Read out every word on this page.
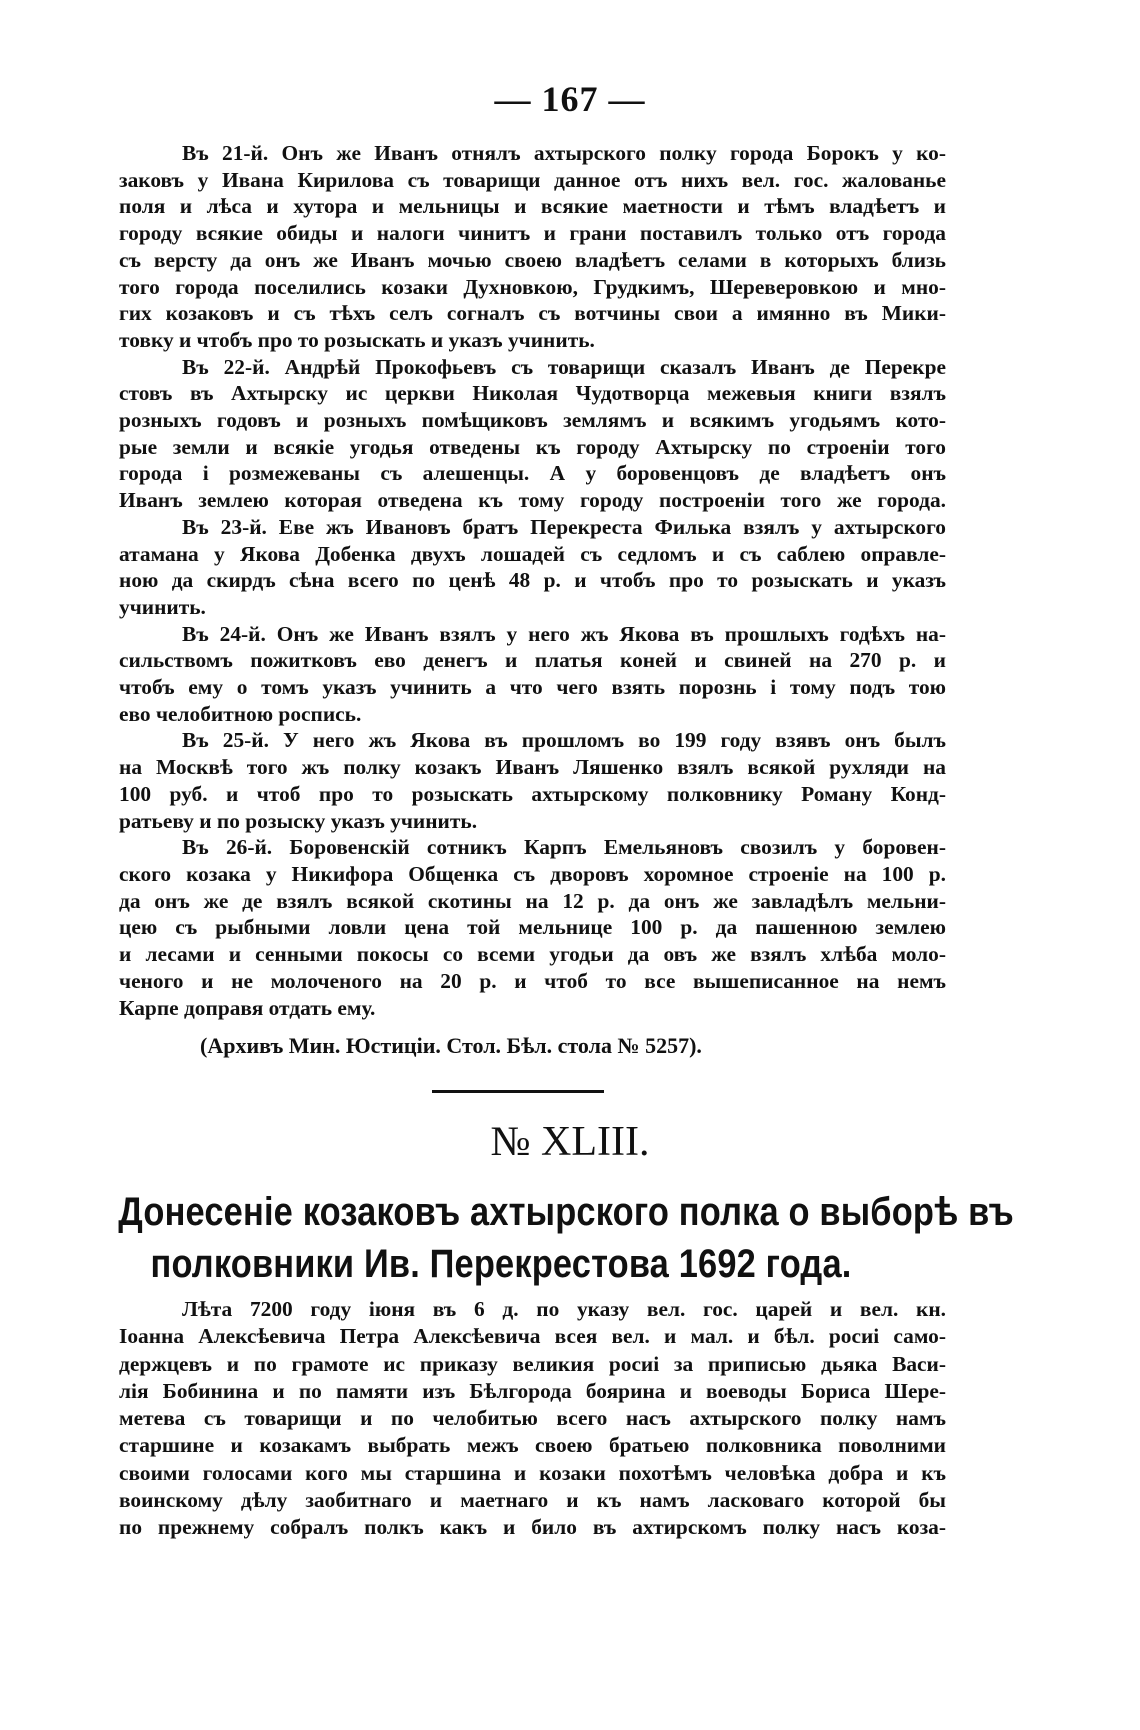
— 167 —
Въ 21-й. Онъ же Иванъ отнялъ ахтырского полку города Борокъ у ко-
заковъ у Ивана Кирилова съ товарищи данное отъ нихъ вел. гос. жалованье
поля и лѣса и хутора и мельницы и всякие маетности и тѣмъ владѣетъ и
городу всякие обиды и налоги чинитъ и грани поставилъ только отъ города
съ версту да онъ же Иванъ мочью своею владѣетъ селами в которыхъ близь
того города поселились козаки Духновкою, Грудкимъ, Шереверовкою и мно-
гих козаковъ и съ тѣхъ селъ согналъ съ вотчины свои а имянно въ Мики-
товку и чтобъ про то розыскать и указъ учинить.
Въ 22-й. Андрѣй Прокофьевъ съ товарищи сказалъ Иванъ де Перекре
стовъ въ Ахтырску ис церкви Николая Чудотворца межевыя книги взялъ
розныхъ годовъ и розныхъ помѣщиковъ землямъ и всякимъ угодьямъ кото-
рые земли и всякiе угодья отведены къ городу Ахтырску по строенiи того
города i розмежеваны съ алешенцы. А у боровенцовъ де владѣетъ онъ
Иванъ землею которая отведена къ тому городу построенiи того же города.
Въ 23-й. Еве жъ Ивановъ братъ Перекреста Филька взялъ у ахтырского
атамана у Якова Добенка двухъ лошадей съ седломъ и съ саблею оправле-
ною да скирдъ сѣна всего по ценѣ 48 р. и чтобъ про то розыскать и указъ
учинить.
Въ 24-й. Онъ же Иванъ взялъ у него жъ Якова въ прошлыхъ годѣхъ на-
сильствомъ пожитковъ ево денегъ и платья коней и свиней на 270 р. и
чтобъ ему о томъ указъ учинить а что чего взять порознь i тому подъ тою
ево челобитною роспись.
Въ 25-й. У него жъ Якова въ прошломъ во 199 году взявъ онъ былъ
на Москвѣ того жъ полку козакъ Иванъ Ляшенко взялъ всякой рухляди на
100 руб. и чтоб про то розыскать ахтырскому полковнику Роману Конд-
ратьеву и по розыску указъ учинить.
Въ 26-й. Боровенскiй сотникъ Карпъ Емельяновъ свозилъ у боровен-
ского козака у Никифора Общенка съ дворовъ хоромное строенiе на 100 р.
да онъ же де взялъ всякой скотины на 12 р. да онъ же завладѣлъ мельни-
цею съ рыбными ловли цена той мельнице 100 р. да пашенною землею
и лесами и сенными покосы со всеми угодьи да овъ же взялъ хлѣба моло-
ченого и не молоченого на 20 р. и чтоб то все вышеписанное на немъ
Карпе доправя отдать ему.
(Архивъ Мин. Юстицiи. Стол. Бѣл. стола № 5257).
№ XLIII.
Донесенiе козаковъ ахтырского полка о выборѣ въ
полковники Ив. Перекрестова 1692 года.
Лѣта 7200 году iюня въ 6 д. по указу вел. гос. царей и вел. кн.
Iоанна Алексѣевича Петра Алексѣевича всея вел. и мал. и бѣл. росиi само-
держцевъ и по грамоте ис приказу великия росиi за приписью дьяка Васи-
лiя Бобинина и по памяти изъ Бѣлгорода боярина и воеводы Бориса Шере-
метева съ товарищи и по челобитью всего насъ ахтырского полку намъ
старшине и козакамъ выбрать межъ своею братьею полковника поволними
своими голосами кого мы старшина и козаки похотѣмъ человѣка добра и къ
воинскому дѣлу заобитнаго и маетнаго и къ намъ ласковаго которой бы
по прежнему собралъ полкъ какъ и било въ ахтирскомъ полку насъ коза-
